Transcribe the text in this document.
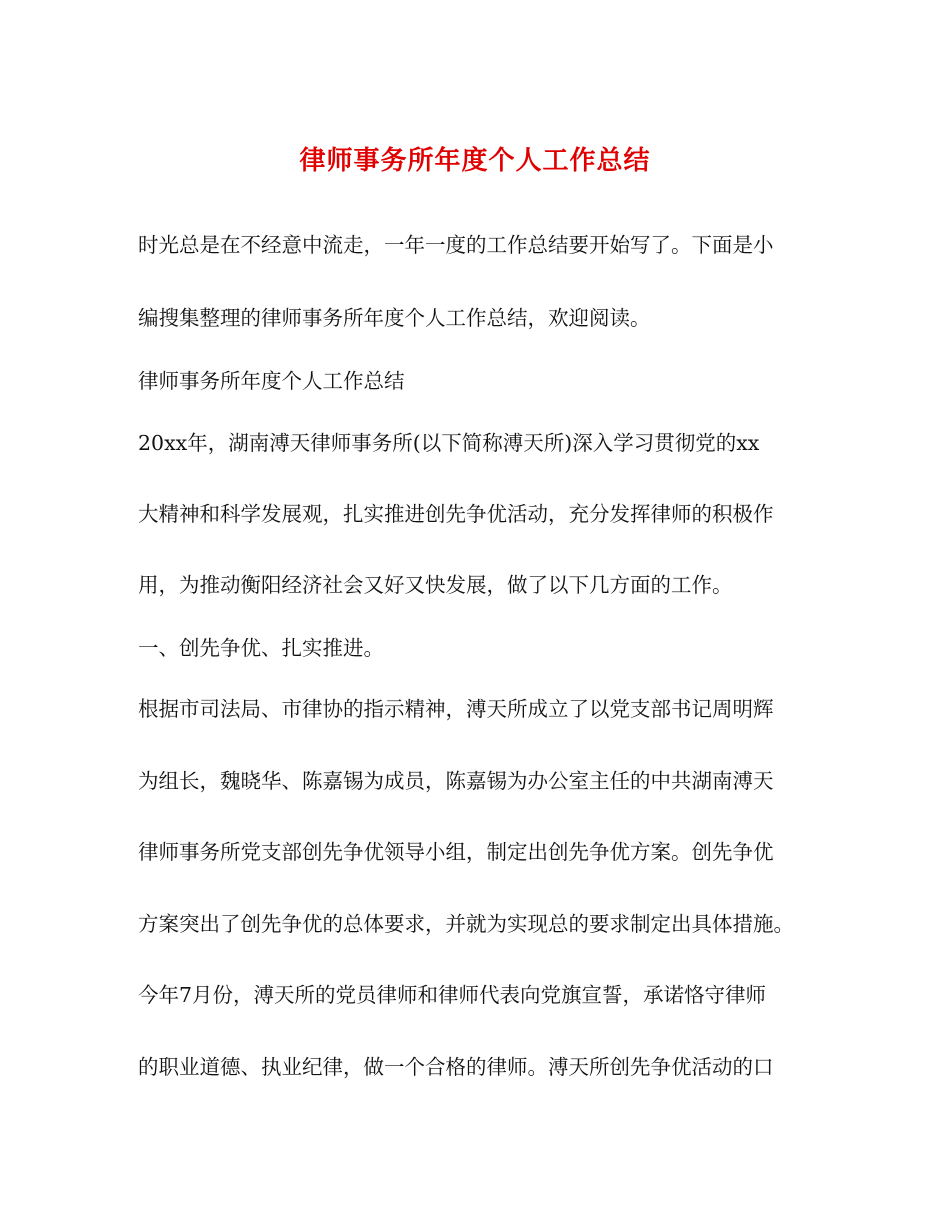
律师事务所年度个人工作总结
时光总是在不经意中流走，一年一度的工作总结要开始写了。下面是小
编搜集整理的律师事务所年度个人工作总结，欢迎阅读。
律师事务所年度个人工作总结
20xx年，湖南溥天律师事务所(以下简称溥天所)深入学习贯彻党的xx
大精神和科学发展观，扎实推进创先争优活动，充分发挥律师的积极作
用，为推动衡阳经济社会又好又快发展，做了以下几方面的工作。
一、创先争优、扎实推进。
根据市司法局、市律协的指示精神，溥天所成立了以党支部书记周明辉
为组长，魏晓华、陈嘉锡为成员，陈嘉锡为办公室主任的中共湖南溥天
律师事务所党支部创先争优领导小组，制定出创先争优方案。创先争优
方案突出了创先争优的总体要求，并就为实现总的要求制定出具体措施。
今年7月份，溥天所的党员律师和律师代表向党旗宣誓，承诺恪守律师
的职业道德、执业纪律，做一个合格的律师。溥天所创先争优活动的口
